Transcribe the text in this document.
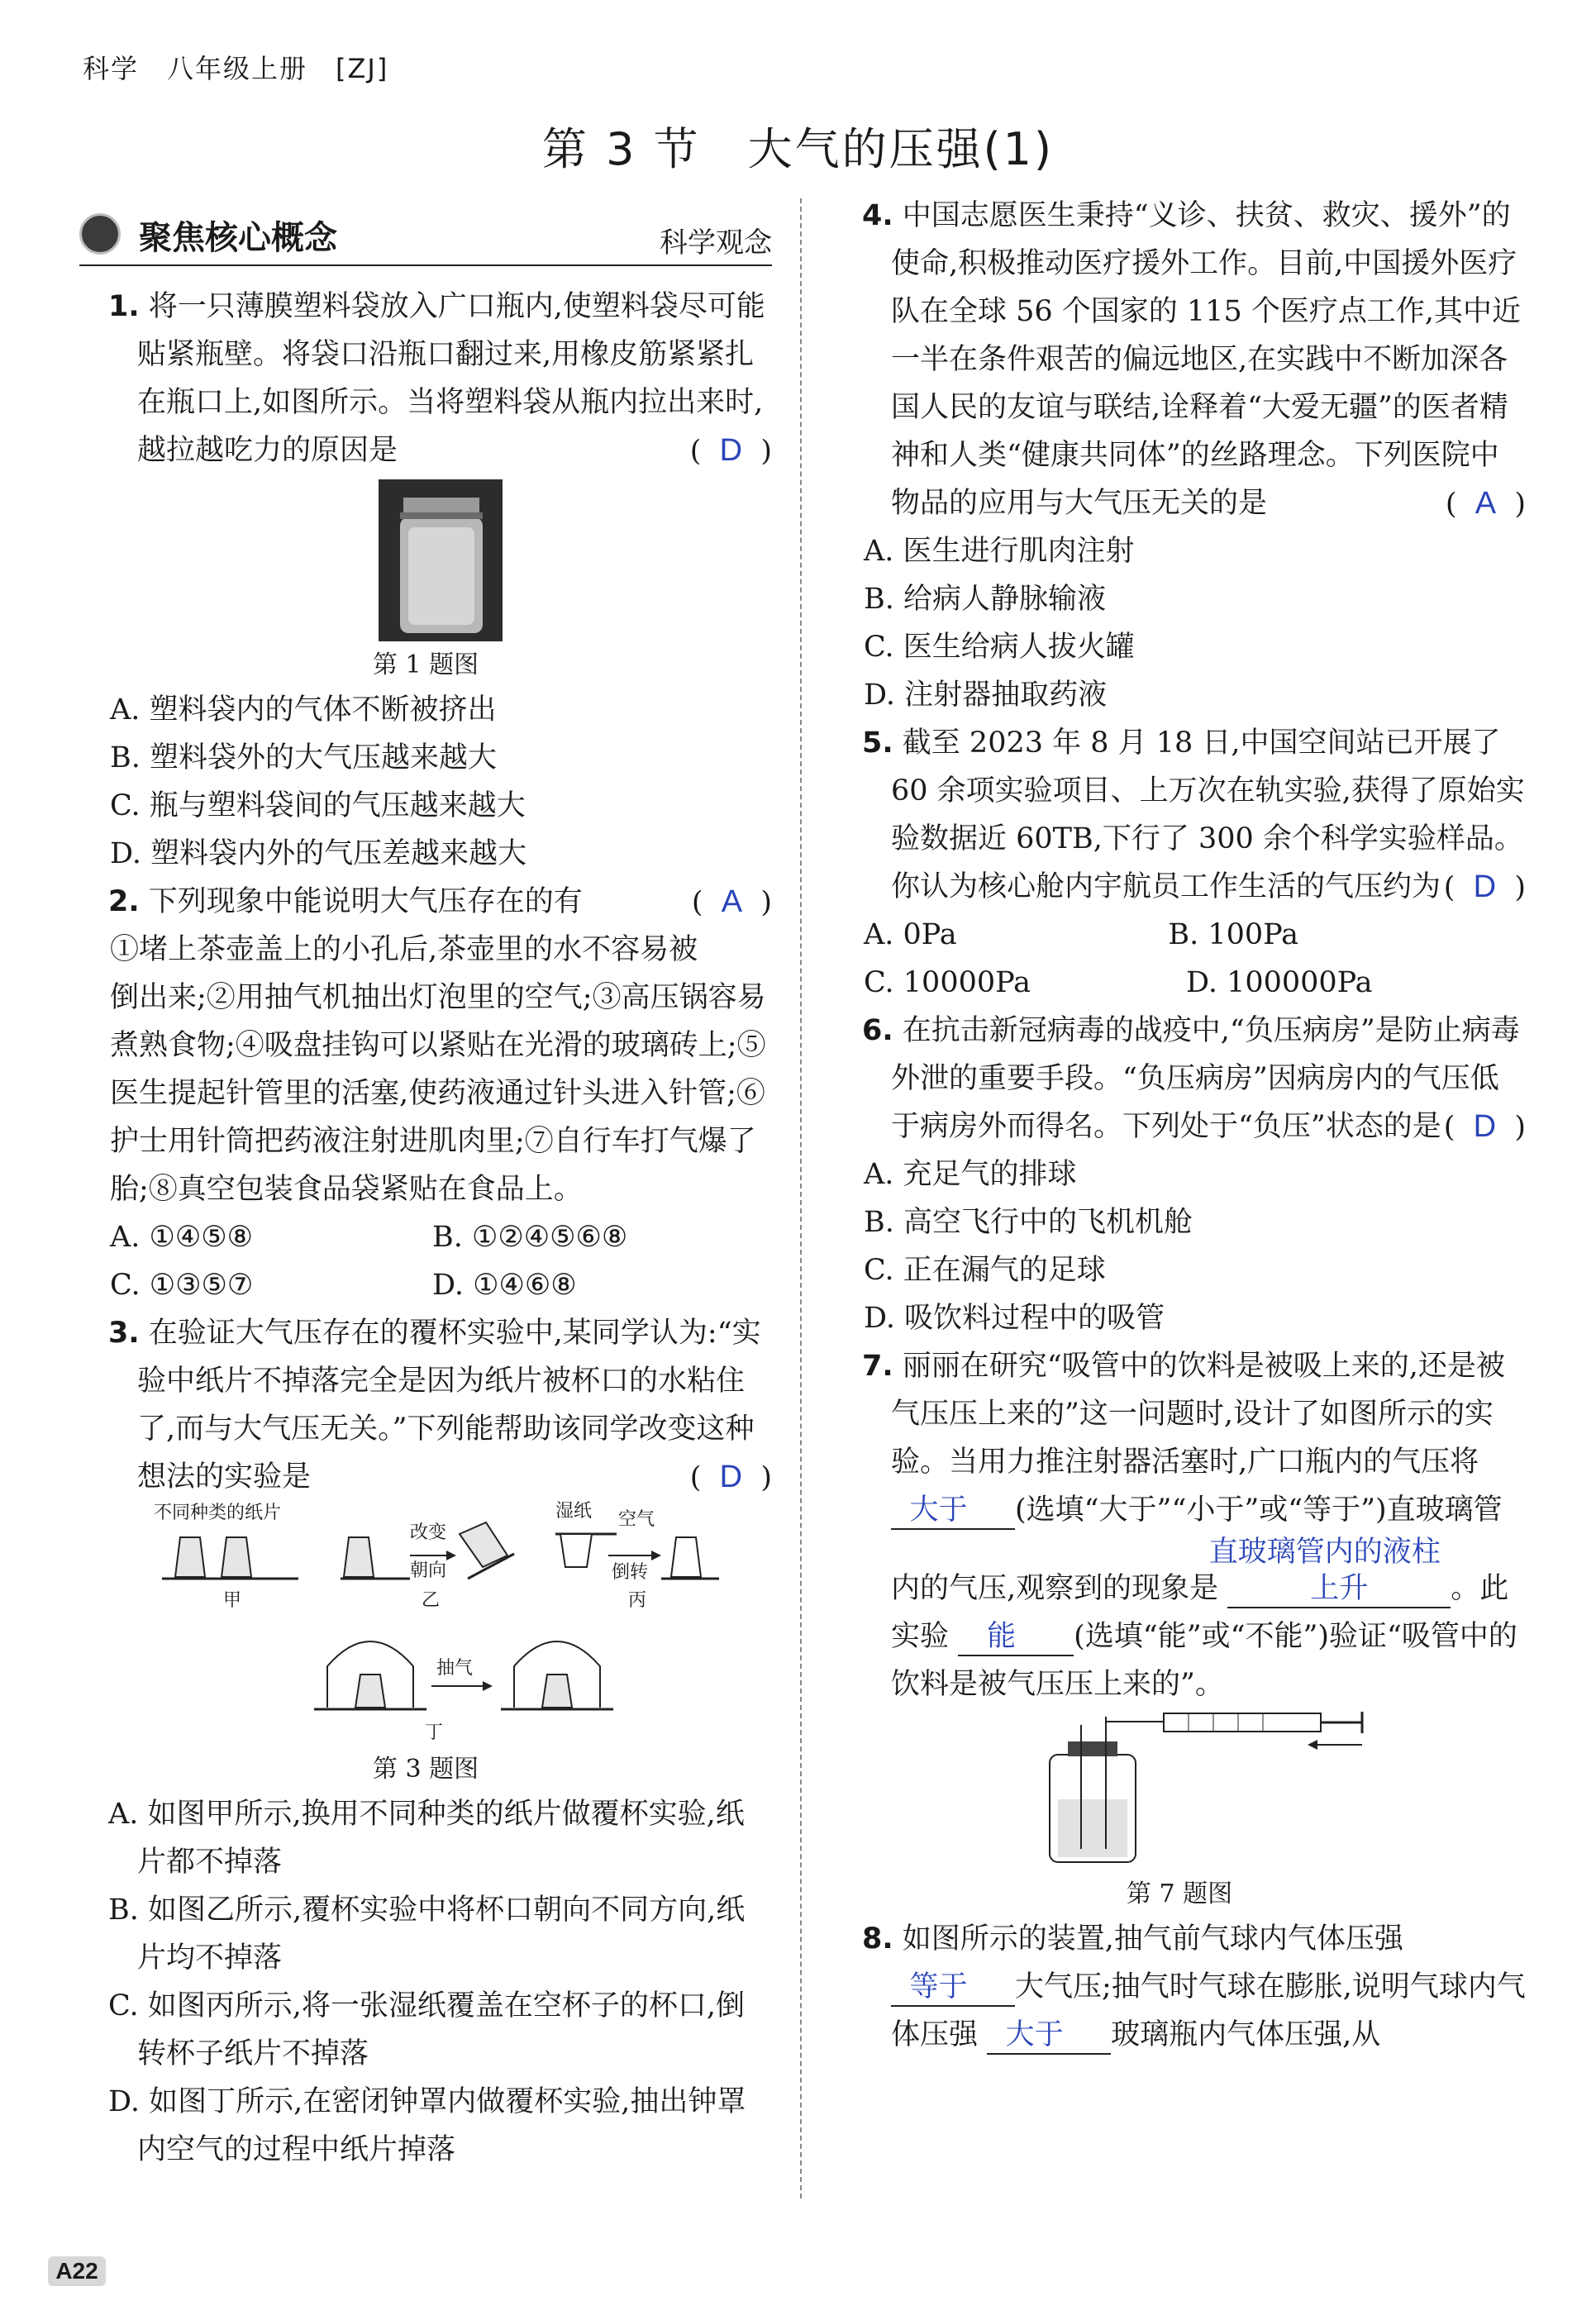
科学　八年级上册　[ZJ]
第 3 节　大气的压强(1)
聚焦核心概念	科学观念
1. 将一只薄膜塑料袋放入广口瓶内,使塑料袋尽可能贴紧瓶壁。将袋口沿瓶口翻过来,用橡皮筋紧紧扎在瓶口上,如图所示。当将塑料袋从瓶内拉出来时,越拉越吃力的原因是	(  D  )
第 1 题图
A. 塑料袋内的气体不断被挤出
B. 塑料袋外的大气压越来越大
C. 瓶与塑料袋间的气压越来越大
D. 塑料袋内外的气压差越来越大
2. 下列现象中能说明大气压存在的有	(  A  )
①堵上茶壶盖上的小孔后,茶壶里的水不容易被倒出来;②用抽气机抽出灯泡里的空气;③高压锅容易煮熟食物;④吸盘挂钩可以紧贴在光滑的玻璃砖上;⑤医生提起针管里的活塞,使药液通过针头进入针管;⑥护士用针筒把药液注射进肌肉里;⑦自行车打气爆了胎;⑧真空包装食品袋紧贴在食品上。
A. ①④⑤⑧	B. ①②④⑤⑥⑧
C. ①③⑤⑦	D. ①④⑥⑧
3. 在验证大气压存在的覆杯实验中,某同学认为:“实验中纸片不掉落完全是因为纸片被杯口的水粘住了,而与大气压无关。”下列能帮助该同学改变这种想法的实验是	(  D  )
不同种类的纸片
甲
改变
朝向
乙
湿纸 空气
倒转
丙
抽气
丁
第 3 题图
A. 如图甲所示,换用不同种类的纸片做覆杯实验,纸片都不掉落
B. 如图乙所示,覆杯实验中将杯口朝向不同方向,纸片均不掉落
C. 如图丙所示,将一张湿纸覆盖在空杯子的杯口,倒转杯子纸片不掉落
D. 如图丁所示,在密闭钟罩内做覆杯实验,抽出钟罩内空气的过程中纸片掉落
4. 中国志愿医生秉持“义诊、扶贫、救灾、援外”的使命,积极推动医疗援外工作。目前,中国援外医疗队在全球 56 个国家的 115 个医疗点工作,其中近一半在条件艰苦的偏远地区,在实践中不断加深各国人民的友谊与联结,诠释着“大爱无疆”的医者精神和人类“健康共同体”的丝路理念。下列医院中物品的应用与大气压无关的是	(  A  )
A. 医生进行肌肉注射
B. 给病人静脉输液
C. 医生给病人拔火罐
D. 注射器抽取药液
5. 截至 2023 年 8 月 18 日,中国空间站已开展了 60 余项实验项目、上万次在轨实验,获得了原始实验数据近 60TB,下行了 300 余个科学实验样品。你认为核心舱内宇航员工作生活的气压约为 (  D  )
A. 0Pa	B. 100Pa
C. 10000Pa	D. 100000Pa
6. 在抗击新冠病毒的战疫中,“负压病房”是防止病毒外泄的重要手段。“负压病房”因病房内的气压低于病房外而得名。下列处于“负压”状态的是 (  D  )
A. 充足气的排球
B. 高空飞行中的飞机机舱
C. 正在漏气的足球
D. 吸饮料过程中的吸管
7. 丽丽在研究“吸管中的饮料是被吸上来的,还是被气压压上来的”这一问题时,设计了如图所示的实验。当用力推注射器活塞时,广口瓶内的气压将 大于 (选填“大于”“小于”或“等于”)直玻璃管内的气压,观察到的现象是 直玻璃管内的液柱上升	。此实验 能 (选填“能”或“不能”)验证“吸管中的饮料是被气压压上来的”。
第 7 题图
8. 如图所示的装置,抽气前气球内气体压强 等于 大气压;抽气时气球在膨胀,说明气球内气体压强 大于 玻璃瓶内气体压强,从
A22
